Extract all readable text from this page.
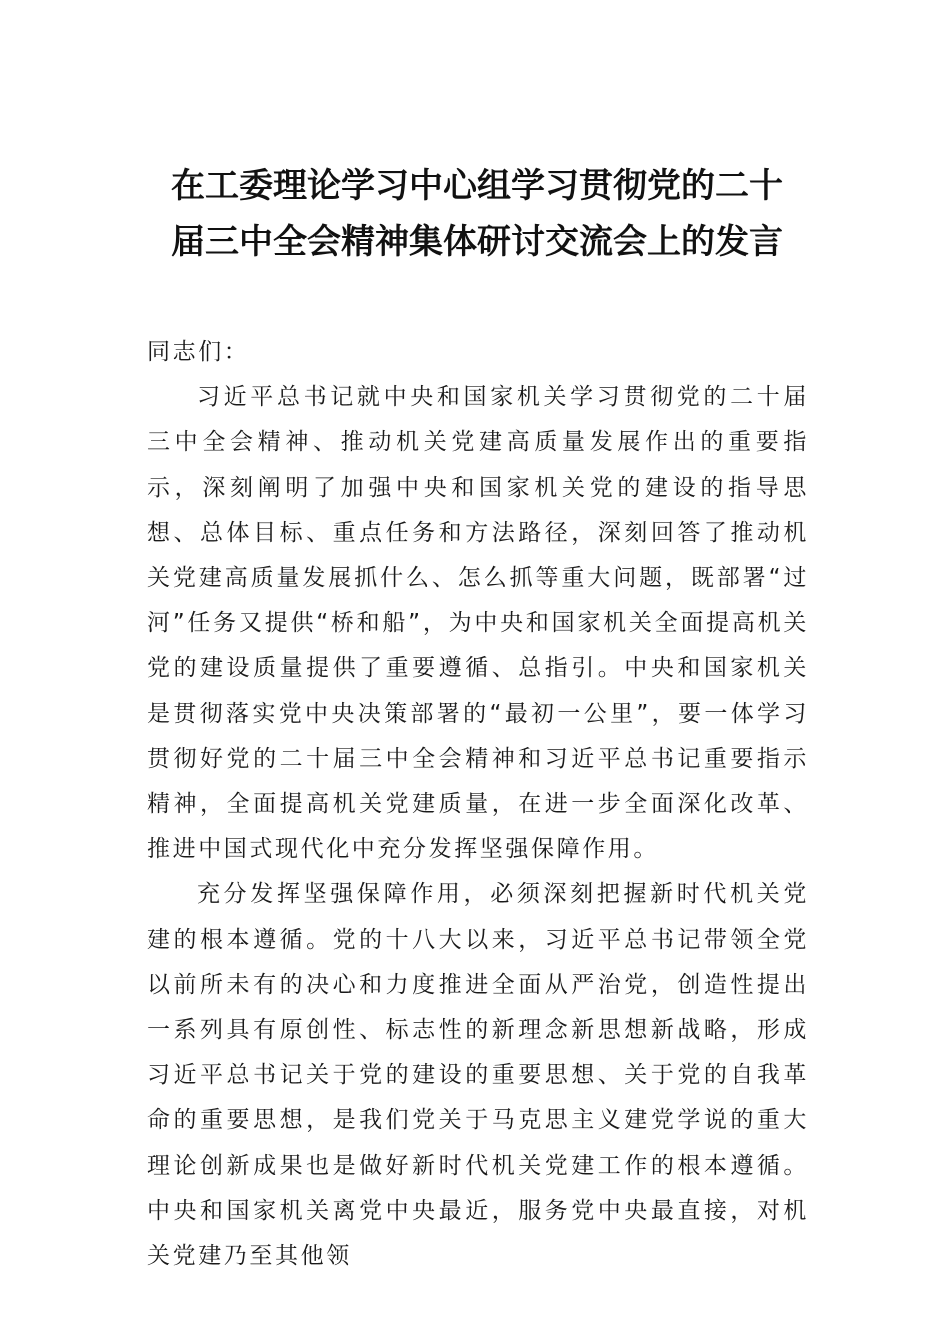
在工委理论学习中心组学习贯彻党的二十
届三中全会精神集体研讨交流会上的发言

同志们：

习近平总书记就中央和国家机关学习贯彻党的二十届三中全会精神、推动机关党建高质量发展作出的重要指示，深刻阐明了加强中央和国家机关党的建设的指导思想、总体目标、重点任务和方法路径，深刻回答了推动机关党建高质量发展抓什么、怎么抓等重大问题，既部署“过河”任务又提供“桥和船”，为中央和国家机关全面提高机关党的建设质量提供了重要遵循、总指引。中央和国家机关是贯彻落实党中央决策部署的“最初一公里”，要一体学习贯彻好党的二十届三中全会精神和习近平总书记重要指示精神，全面提高机关党建质量，在进一步全面深化改革、推进中国式现代化中充分发挥坚强保障作用。

充分发挥坚强保障作用，必须深刻把握新时代机关党建的根本遵循。党的十八大以来，习近平总书记带领全党以前所未有的决心和力度推进全面从严治党，创造性提出一系列具有原创性、标志性的新理念新思想新战略，形成习近平总书记关于党的建设的重要思想、关于党的自我革命的重要思想，是我们党关于马克思主义建党学说的重大理论创新成果也是做好新时代机关党建工作的根本遵循。中央和国家机关离党中央最近，服务党中央最直接，对机关党建乃至其他领
